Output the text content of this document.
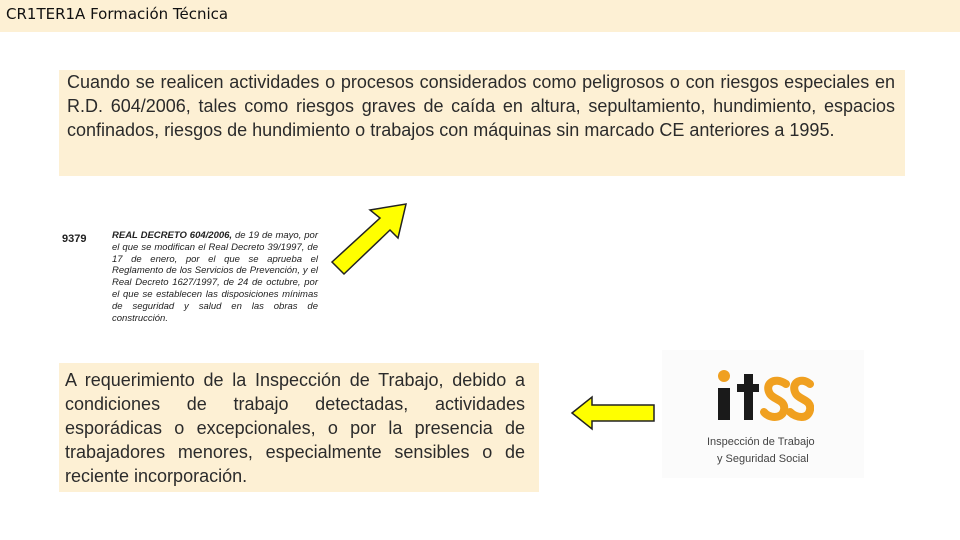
CR1TER1A Formación Técnica
Cuando se realicen actividades o procesos considerados como peligrosos o con riesgos especiales en R.D. 604/2006, tales como riesgos graves de caída en altura, sepultamiento, hundimiento, espacios confinados, riesgos de hundimiento o trabajos con máquinas sin marcado CE anteriores a 1995.
9379	REAL DECRETO 604/2006, de 19 de mayo, por el que se modifican el Real Decreto 39/1997, de 17 de enero, por el que se aprueba el Reglamento de los Servicios de Prevención, y el Real Decreto 1627/1997, de 24 de octubre, por el que se establecen las disposiciones mínimas de seguridad y salud en las obras de construcción.
A requerimiento de la Inspección de Trabajo, debido a condiciones de trabajo detectadas, actividades esporádicas o excepcionales, o por la presencia de trabajadores menores, especialmente sensibles o de reciente incorporación.
Inspección de Trabajo
y Seguridad Social
